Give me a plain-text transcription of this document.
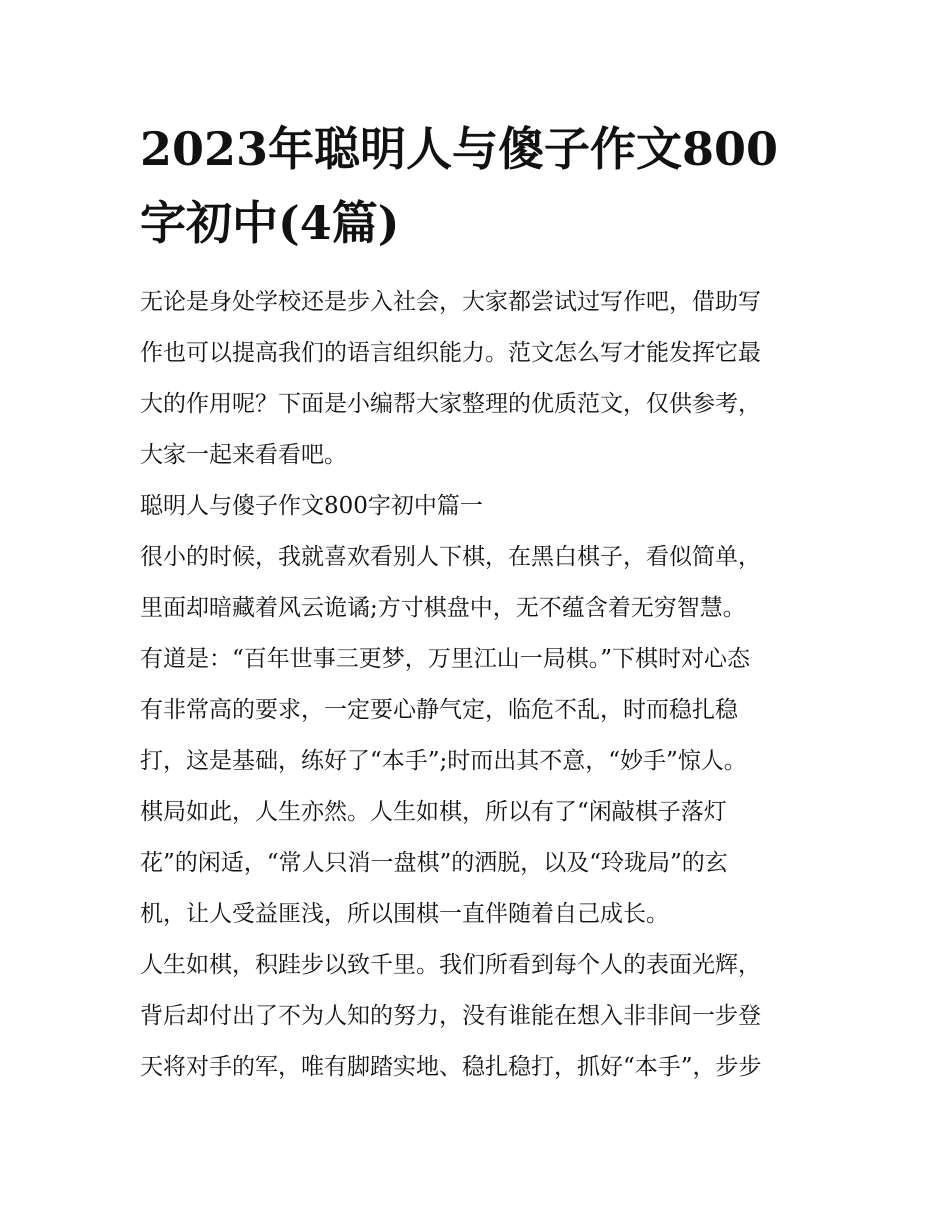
2023年聪明人与傻子作文800
字初中(4篇)
无论是身处学校还是步入社会，大家都尝试过写作吧，借助写
作也可以提高我们的语言组织能力。范文怎么写才能发挥它最
大的作用呢？下面是小编帮大家整理的优质范文，仅供参考，
大家一起来看看吧。
聪明人与傻子作文800字初中篇一
很小的时候，我就喜欢看别人下棋，在黑白棋子，看似简单，
里面却暗藏着风云诡谲;方寸棋盘中，无不蕴含着无穷智慧。
有道是：“百年世事三更梦，万里江山一局棋。”下棋时对心态
有非常高的要求，一定要心静气定，临危不乱，时而稳扎稳
打，这是基础，练好了“本手”;时而出其不意，“妙手”惊人。
棋局如此，人生亦然。人生如棋，所以有了“闲敲棋子落灯
花”的闲适，“常人只消一盘棋”的洒脱，以及“玲珑局”的玄
机，让人受益匪浅，所以围棋一直伴随着自己成长。
人生如棋，积跬步以致千里。我们所看到每个人的表面光辉，
背后却付出了不为人知的努力，没有谁能在想入非非间一步登
天将对手的军，唯有脚踏实地、稳扎稳打，抓好“本手”，步步
